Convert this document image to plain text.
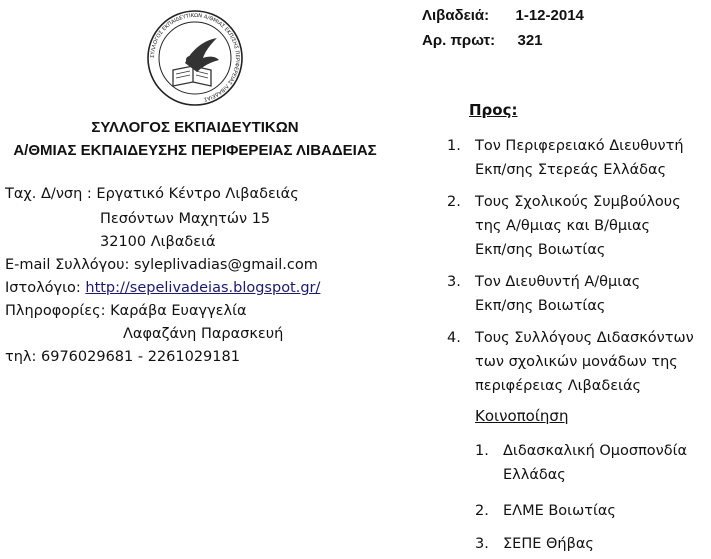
ΣΥΛΛΟΓΟΣ ΕΚΠΑΙΔΕΥΤΙΚΩΝ Α/ΘΜΙΑΣ ΕΚΠ/ΣΗΣ ΠΕΡΙΦΕΡΕΙΑΣ ΛΙΒΑΔΕΙΑΣ
Λιβαδειά: 1-12-2014
Αρ. πρωτ: 321
ΣΥΛΛΟΓΟΣ ΕΚΠΑΙΔΕΥΤΙΚΩΝ
Α/ΘΜΙΑΣ ΕΚΠΑΙΔΕΥΣΗΣ ΠΕΡΙΦΕΡΕΙΑΣ ΛΙΒΑΔΕΙΑΣ
Ταχ. Δ/νση : Εργατικό Κέντρο Λιβαδειάς
Πεσόντων Μαχητών 15
32100 Λιβαδειά
E-mail Συλλόγου: syleplivadias@gmail.com
Ιστολόγιο: http://sepelivadeias.blogspot.gr/
Πληροφορίες: Καράβα Ευαγγελία
Λαφαζάνη Παρασκευή
τηλ: 6976029681 - 2261029181
Προς:
1. Τον Περιφερειακό Διευθυντή
Εκπ/σης Στερεάς Ελλάδας
2. Τους Σχολικούς Συμβούλους
της Α/θμιας και Β/θμιας
Εκπ/σης Βοιωτίας
3. Τον Διευθυντή Α/θμιας
Εκπ/σης Βοιωτίας
4. Τους Συλλόγους Διδασκόντων
των σχολικών μονάδων της
περιφέρειας Λιβαδειάς
Κοινοποίηση
1. Διδασκαλική Ομοσπονδία
Ελλάδας
2. ΕΛΜΕ Βοιωτίας
3. ΣΕΠΕ Θήβας
